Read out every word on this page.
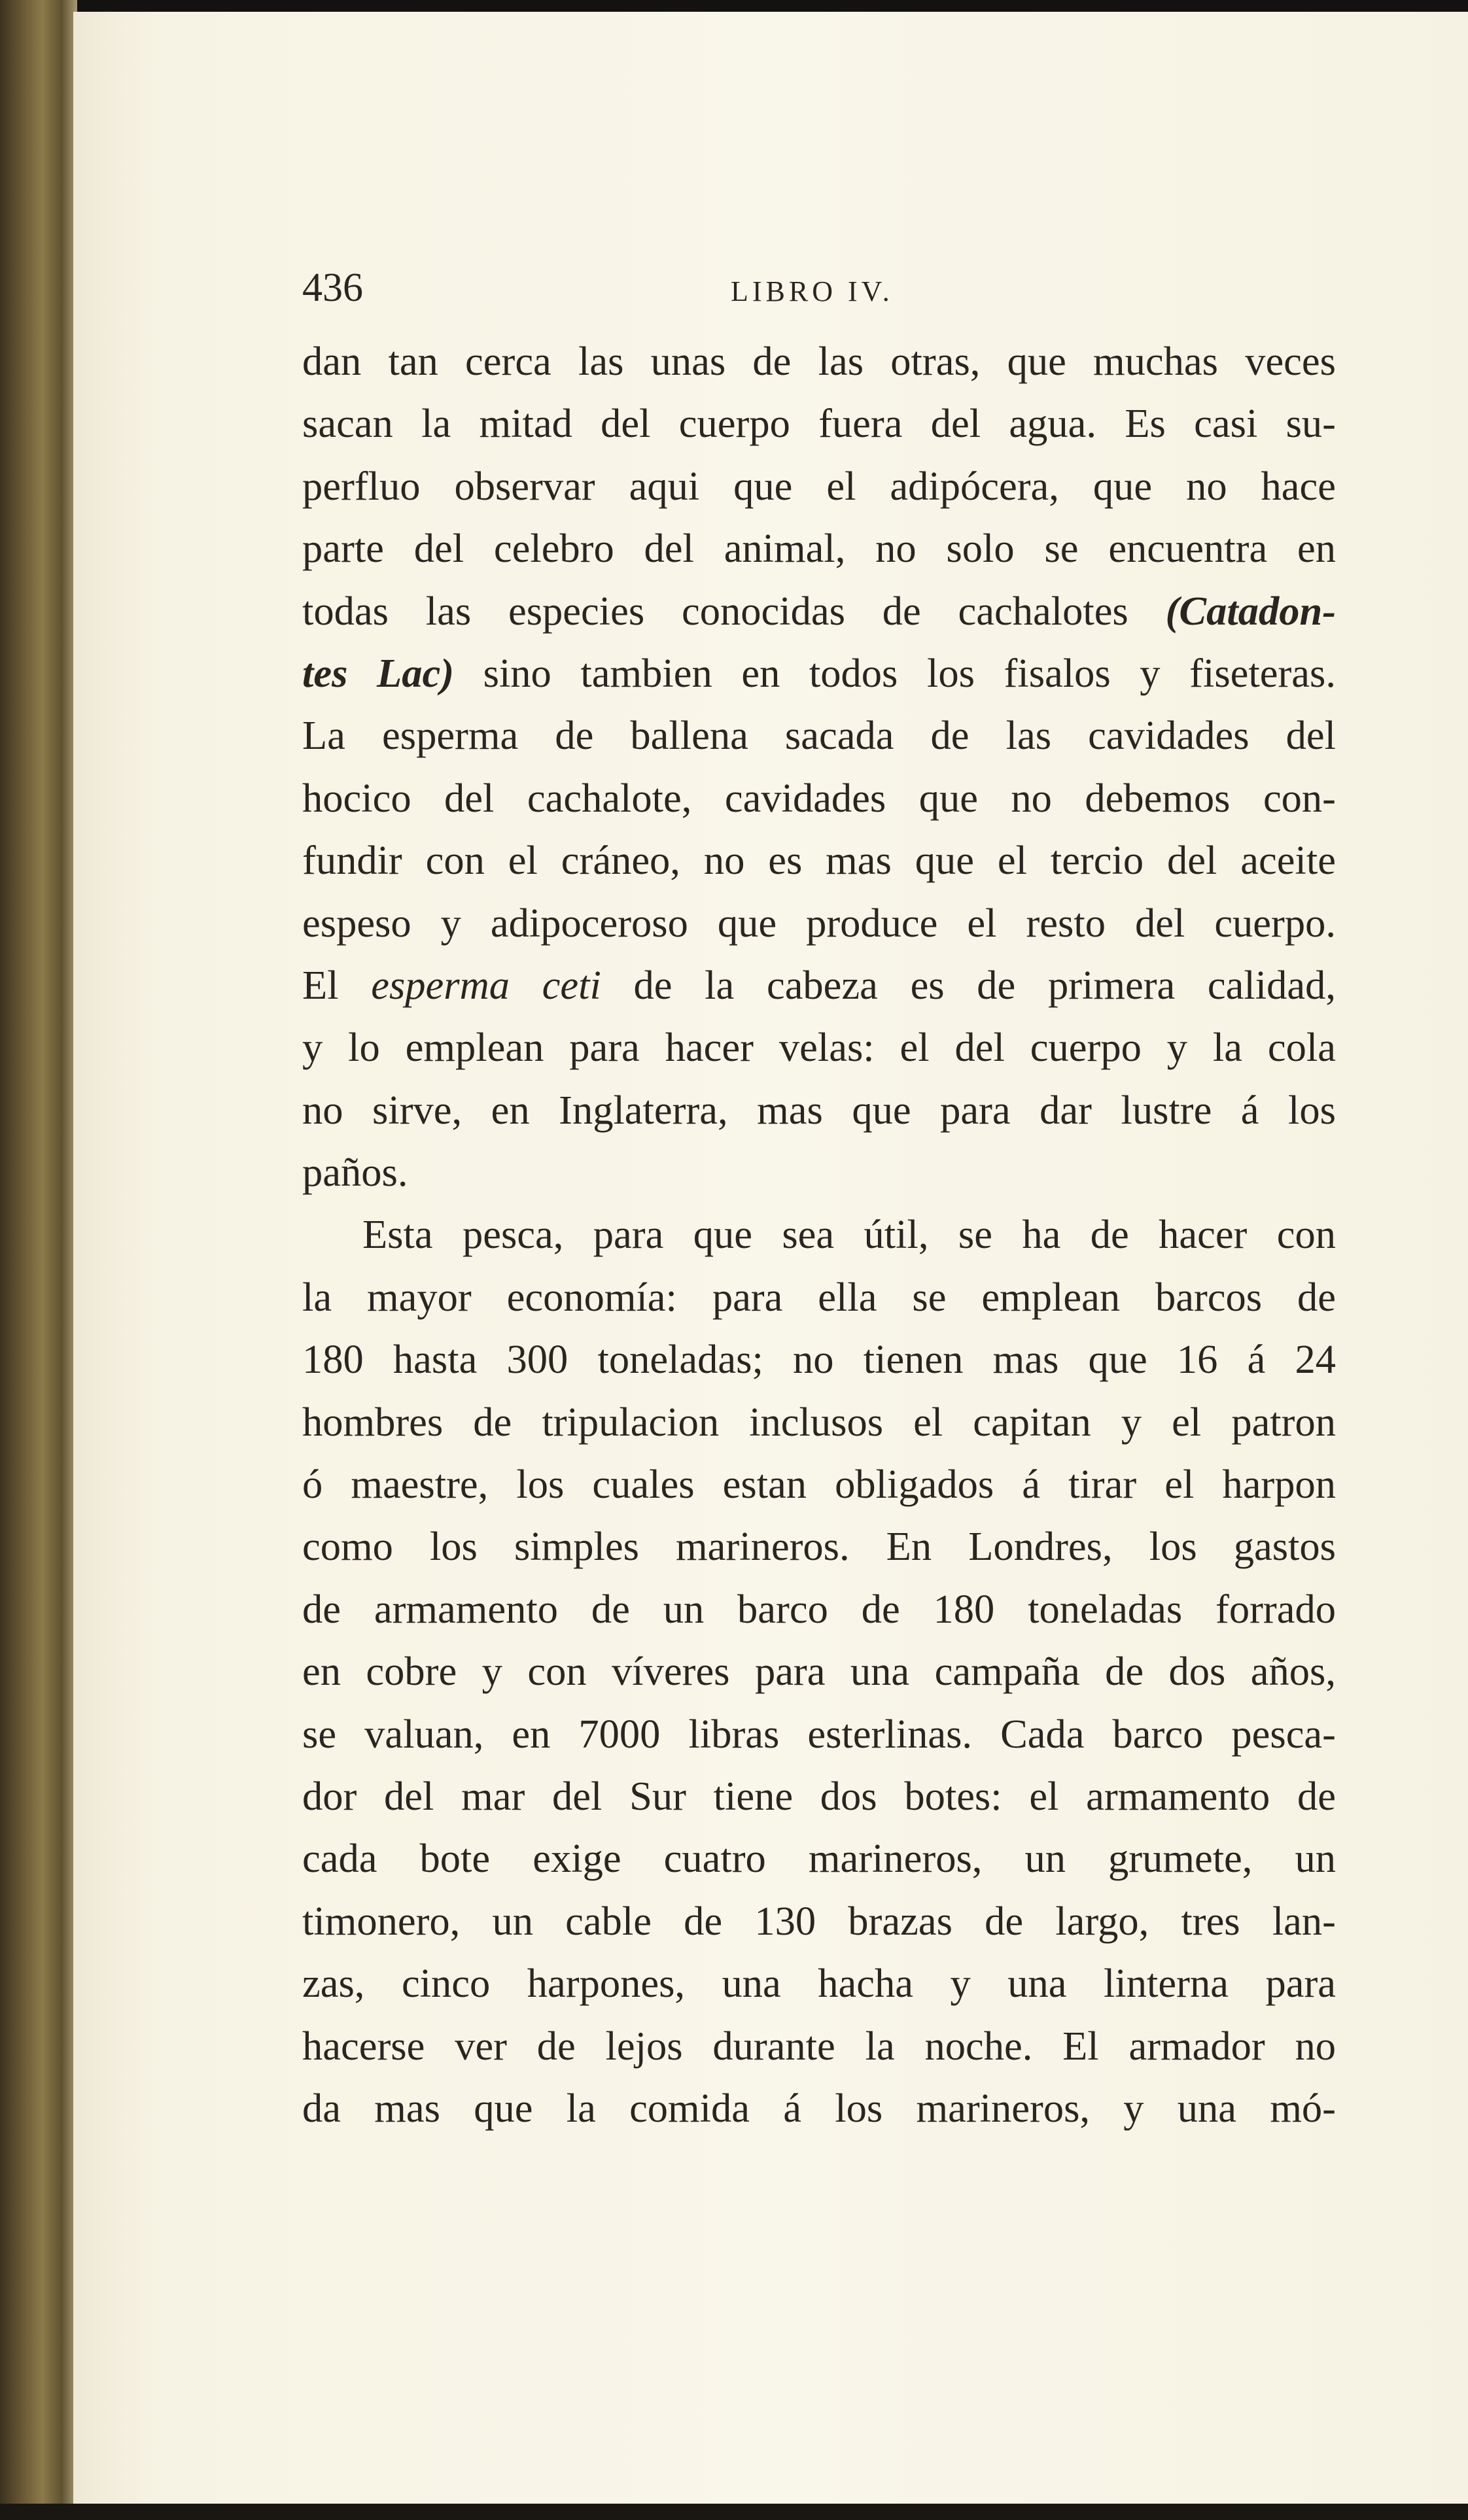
436	LIBRO IV.
dan tan cerca las unas de las otras, que muchas veces
sacan la mitad del cuerpo fuera del agua. Es casi su-
perfluo observar aqui que el adipócera, que no hace
parte del celebro del animal, no solo se encuentra en
todas las especies conocidas de cachalotes (Catadon-
tes Lac) sino tambien en todos los fisalos y fiseteras.
La esperma de ballena sacada de las cavidades del
hocico del cachalote, cavidades que no debemos con-
fundir con el cráneo, no es mas que el tercio del aceite
espeso y adipoceroso que produce el resto del cuerpo.
El esperma ceti de la cabeza es de primera calidad,
y lo emplean para hacer velas: el del cuerpo y la cola
no sirve, en Inglaterra, mas que para dar lustre á los
paños.
Esta pesca, para que sea útil, se ha de hacer con
la mayor economía: para ella se emplean barcos de
180 hasta 300 toneladas; no tienen mas que 16 á 24
hombres de tripulacion inclusos el capitan y el patron
ó maestre, los cuales estan obligados á tirar el harpon
como los simples marineros. En Londres, los gastos
de armamento de un barco de 180 toneladas forrado
en cobre y con víveres para una campaña de dos años,
se valuan, en 7000 libras esterlinas. Cada barco pesca-
dor del mar del Sur tiene dos botes: el armamento de
cada bote exige cuatro marineros, un grumete, un
timonero, un cable de 130 brazas de largo, tres lan-
zas, cinco harpones, una hacha y una linterna para
hacerse ver de lejos durante la noche. El armador no
da mas que la comida á los marineros, y una mó-
